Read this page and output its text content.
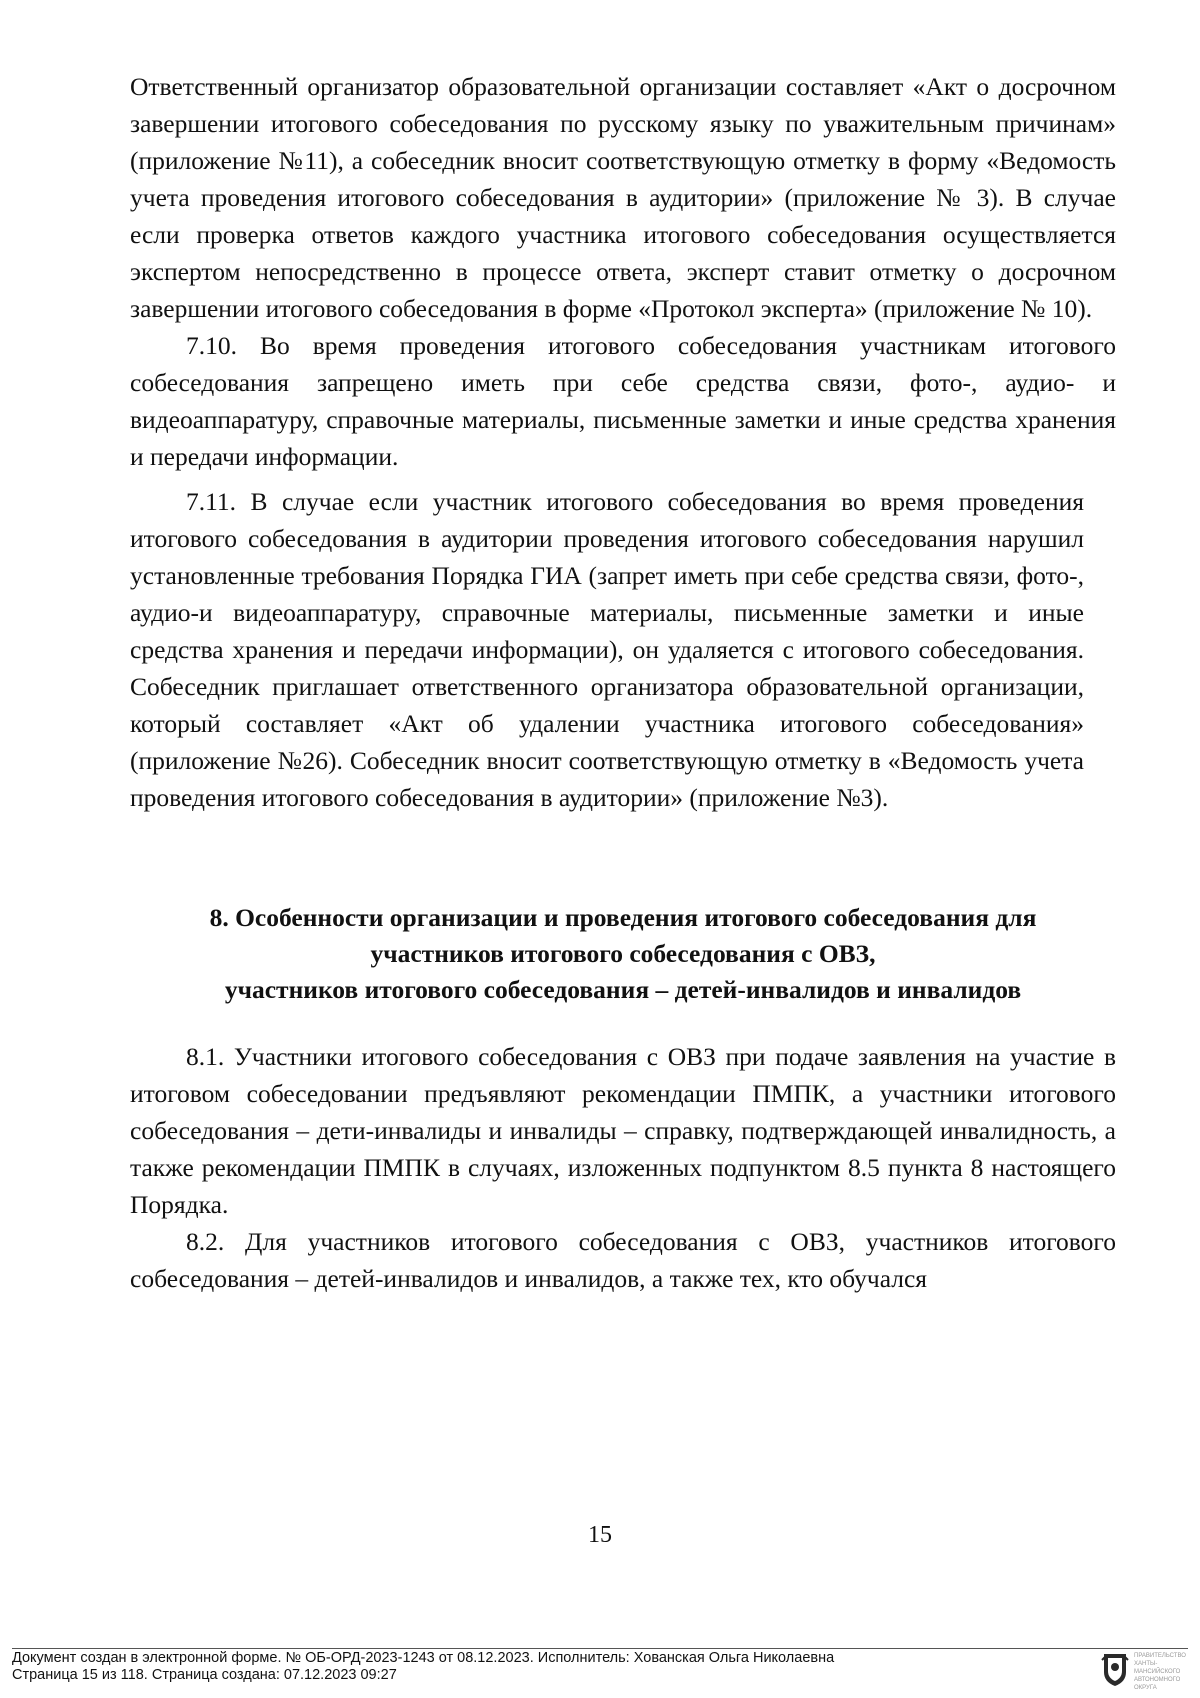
Ответственный организатор образовательной организации составляет «Акт о досрочном завершении итогового собеседования по русскому языку по уважительным причинам» (приложение №11), а собеседник вносит соответствующую отметку в форму «Ведомость учета проведения итогового собеседования в аудитории» (приложение № 3). В случае если проверка ответов каждого участника итогового собеседования осуществляется экспертом непосредственно в процессе ответа, эксперт ставит отметку о досрочном завершении итогового собеседования в форме «Протокол эксперта» (приложение № 10).

7.10. Во время проведения итогового собеседования участникам итогового собеседования запрещено иметь при себе средства связи, фото-, аудио- и видеоаппаратуру, справочные материалы, письменные заметки и иные средства хранения и передачи информации.

7.11. В случае если участник итогового собеседования во время проведения итогового собеседования в аудитории проведения итогового собеседования нарушил установленные требования Порядка ГИА (запрет иметь при себе средства связи, фото-, аудио-и видеоаппаратуру, справочные материалы, письменные заметки и иные средства хранения и передачи информации), он удаляется с итогового собеседования. Собеседник приглашает ответственного организатора образовательной организации, который составляет «Акт об удалении участника итогового собеседования» (приложение №26). Собеседник вносит соответствующую отметку в «Ведомость учета проведения итогового собеседования в аудитории» (приложение №3).

8. Особенности организации и проведения итогового собеседования для
участников итогового собеседования с ОВЗ,
участников итогового собеседования – детей-инвалидов и инвалидов

8.1. Участники итогового собеседования с ОВЗ при подаче заявления на участие в итоговом собеседовании предъявляют рекомендации ПМПК, а участники итогового собеседования – дети-инвалиды и инвалиды – справку, подтверждающей инвалидность, а также рекомендации ПМПК в случаях, изложенных подпунктом 8.5 пункта 8 настоящего Порядка.

8.2. Для участников итогового собеседования с ОВЗ, участников итогового собеседования – детей-инвалидов и инвалидов, а также тех, кто обучался

15
Документ создан в электронной форме. № ОБ-ОРД-2023-1243 от 08.12.2023. Исполнитель: Хованская Ольга Николаевна
Страница 15 из 118. Страница создана: 07.12.2023 09:27
ПРАВИТЕЛЬСТВО ХАНТЫ-МАНСИЙСКОГО АВТОНОМНОГО ОКРУГА
